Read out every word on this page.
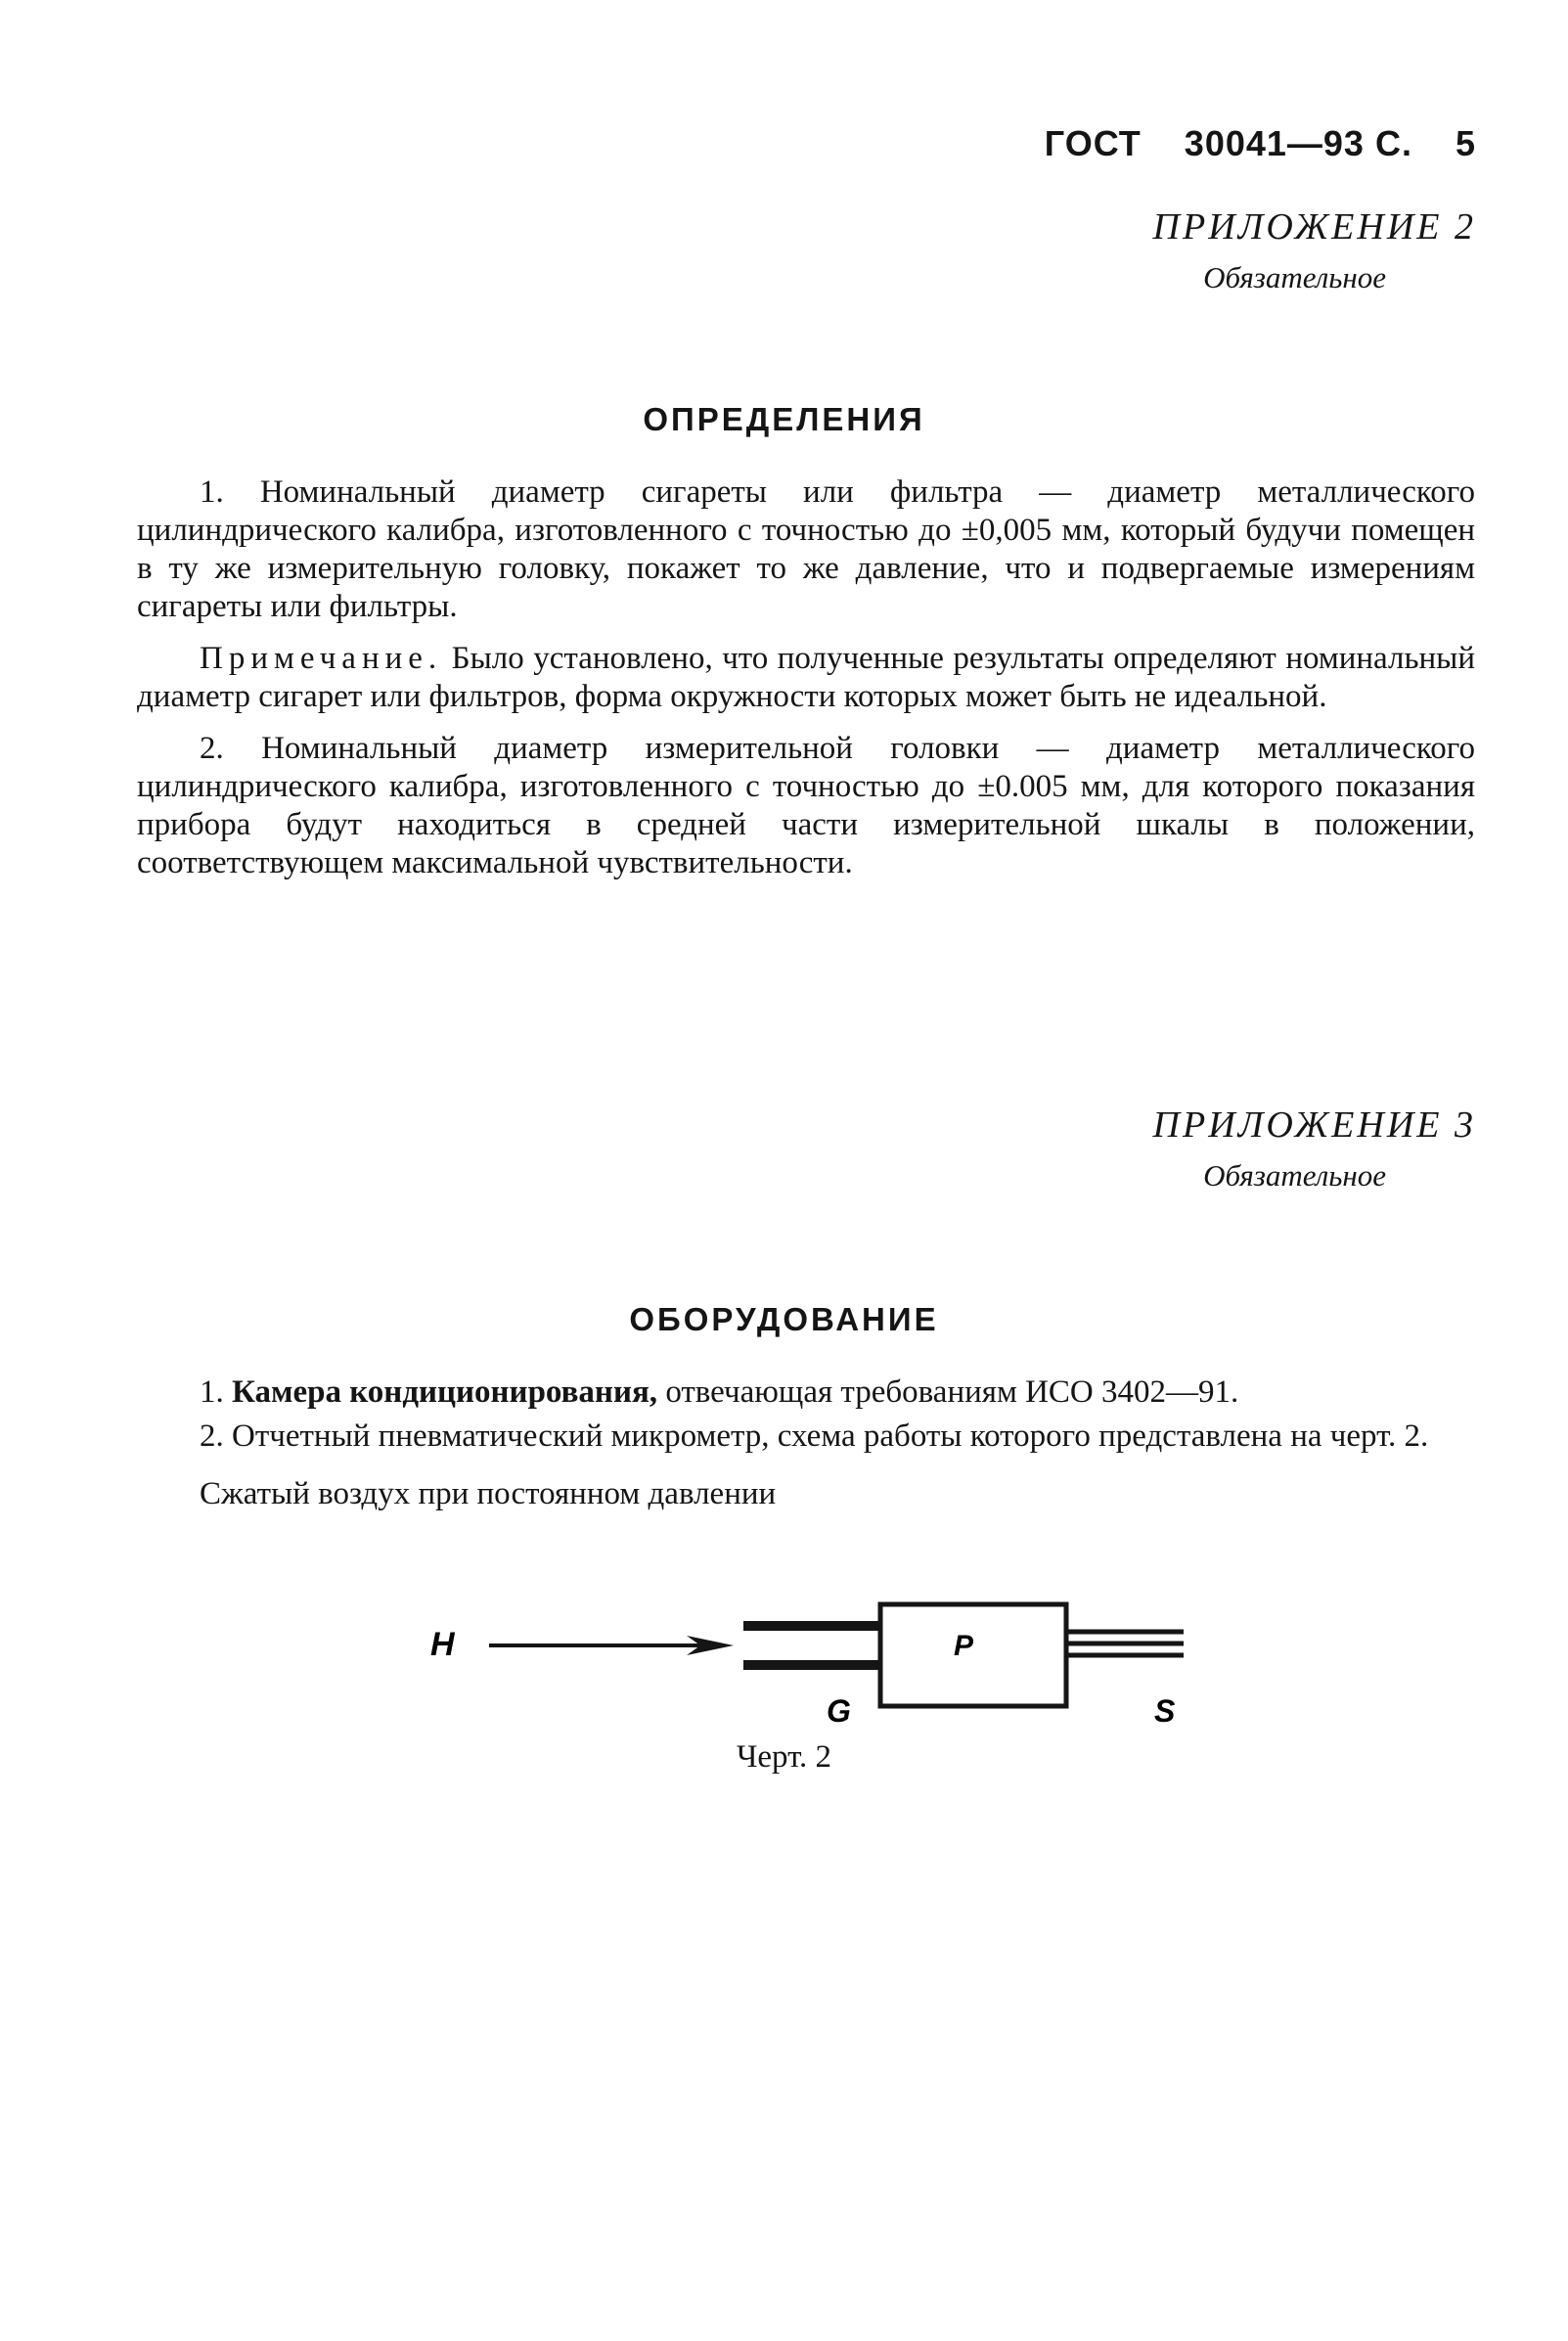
ГОСТ 30041—93 С. 5
ПРИЛОЖЕНИЕ 2
Обязательное
ОПРЕДЕЛЕНИЯ

1. Номинальный диаметр сигареты или фильтра — диаметр металлического цилиндрического калибра, изготовленного с точностью до ±0,005 мм, который будучи помещен в ту же измерительную головку, покажет то же давление, что и подвергаемые измерениям сигареты или фильтры.

Примечание. Было установлено, что полученные результаты определяют номинальный диаметр сигарет или фильтров, форма окружности которых может быть не идеальной.

2. Номинальный диаметр измерительной головки — диаметр металлического цилиндрического калибра, изготовленного с точностью до ±0.005 мм, для которого показания прибора будут находиться в средней части измерительной шкалы в положении, соответствующем максимальной чувствительности.

ПРИЛОЖЕНИЕ 3
Обязательное
ОБОРУДОВАНИЕ

1. Камера кондиционирования, отвечающая требованиям ИСО 3402—91.

2. Отчетный пневматический микрометр, схема работы которого представлена на черт. 2.

Сжатый воздух при постоянном давлении

H	P
G	S
Черт. 2
